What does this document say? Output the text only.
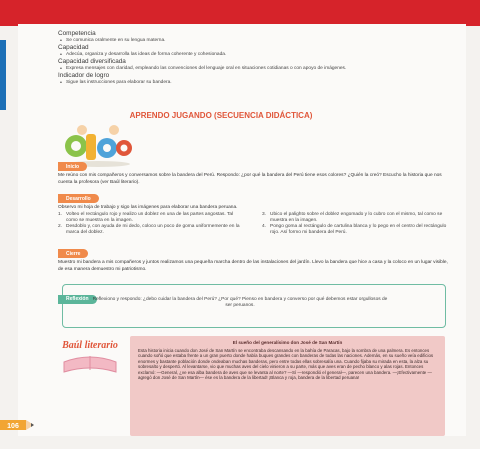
Competencia
• Se comunica oralmente en su lengua materna.
Capacidad
• Adecúa, organiza y desarrolla las ideas de forma coherente y cohesionada.
Capacidad diversificada
• Expresa mensajes con claridad, empleando las convenciones del lenguaje oral en situaciones cotidianas o con apoyo de imágenes.
Indicador de logro
• Sigue las instrucciones para elaborar su bandera.
APRENDO JUGANDO (SECUENCIA DIDÁCTICA)
Inicio
Me reúno con mis compañeros y conversamos sobre la bandera del Perú. Respondo: ¿por qué la bandera del Perú tiene esos colores? ¿Quién la creó? Escucho la historia que nos cuenta la profesora (ver Baúl literario).
Desarrollo
Observo mi hoja de trabajo y sigo las imágenes para elaborar una bandera peruana.
1. Volteo el rectángulo rojo y realizo un doblez en una de las partes angostas. Tal como se muestra en la imagen.
2. Desdoblo y, con ayuda de mi dedo, coloco un poco de goma uniformemente en la marca del doblez.
3. Ubico el palighto sobre el doblez engomado y lo cubro con el mismo, tal como se muestra en la imagen.
4. Pongo goma al rectángulo de cartulina blanca y lo pego en el centro del rectángulo rojo. Así formo mi bandera del Perú.
Cierre
Muestro mi bandera a mis compañeros y juntos realizamos una pequeña marcha dentro de las instalaciones del jardín. Llevo la bandera que hice a casa y la coloco en un lugar visible, de esa manera demuestro mi patriotismo.
Reflexión Reflexiono y respondo: ¿debo cuidar la bandera del Perú? ¿Por qué? Pienso en bandera y converso por qué debemos estar orgullosos de ser peruanos.
Baúl literario	El sueño del generalísimo don José de San Martín
Esta historia inicia cuando don José de San Martín se encontraba descansando en la bahía de Paracas, bajo la sombra de una palmera. Es entonces cuando soñó que estaba frente a un gran puerto donde había buques grandes con banderas de todas las naciones. Además, en su sueño veía edificios enormes y bastante población donde ondeaban muchas banderas, pero entre todas ellas sobresalía una. Cuando fijaba su mirada en esta, la alza su sobresalto y despertó. Al levantarse, vio que muchas aves del cielo vinieron a su parte, más que aves eran de pecho blanco y alas rojas. Entonces exclamó: —General, ¿ve esa alba bandera de aves que se levanta al norte? —Sí —respondió el general—, parecen una bandera. —¡Efectivamente —agregó don José de San Martín— ése es la bandera de la libertad! ¡Blanca y roja, bandera de la libertad peruana!
106
